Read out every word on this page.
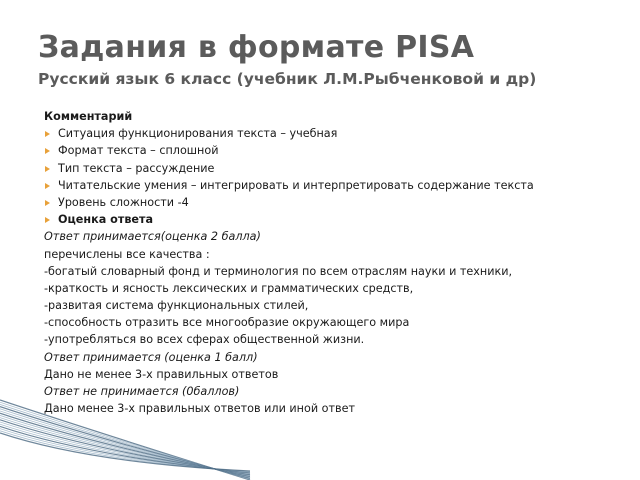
Задания в формате PISA
Русский язык 6 класс (учебник Л.М.Рыбченковой и др)
Комментарий
Ситуация функционирования текста – учебная
Формат текста – сплошной
Тип текста – рассуждение
Читательские умения – интегрировать и интерпретировать содержание текста
Уровень сложности -4
Оценка ответа
Ответ принимается(оценка 2 балла)
перечислены все качества :
-богатый словарный фонд и терминология по всем отраслям науки и техники,
-краткость и ясность лексических и грамматических средств,
-развитая система функциональных стилей,
-способность отразить все многообразие окружающего мира
-употребляться во всех сферах общественной жизни.
Ответ принимается (оценка 1 балл)
Дано не менее 3-х правильных ответов
Ответ не принимается (0баллов)
Дано менее 3-х правильных ответов или иной ответ
